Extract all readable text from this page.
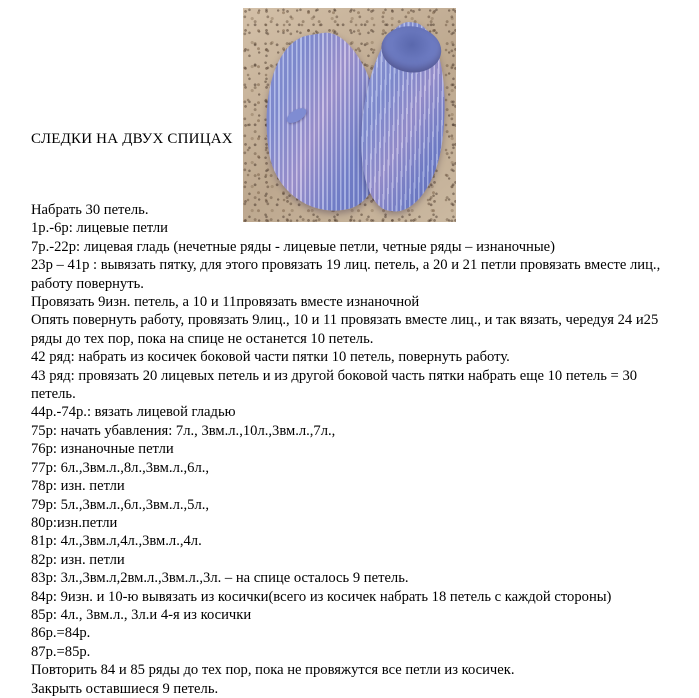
СЛЕДКИ НА ДВУХ СПИЦАХ

Набрать 30 петель.

1р.-6р: лицевые петли

7р.-22р: лицевая гладь (нечетные ряды - лицевые петли, четные ряды – изнаночные)

23р – 41р : вывязать пятку, для этого провязать 19 лиц. петель, а 20 и 21 петли провязать вместе лиц., работу повернуть.

Провязать 9изн. петель, а 10 и 11провязать вместе изнаночной

Опять повернуть работу, провязать 9лиц., 10 и 11 провязать вместе лиц., и так вязать, чередуя 24 и25 ряды до тех пор, пока на спице не останется 10 петель.

42 ряд: набрать из косичек боковой части пятки 10 петель, повернуть работу.

43 ряд: провязать 20 лицевых петель и из другой боковой часть пятки набрать еще 10 петель = 30 петель.

44р.-74р.: вязать лицевой гладью

75р: начать убавления: 7л., 3вм.л.,10л.,3вм.л.,7л.,

76р: изнаночные петли

77р: 6л.,3вм.л.,8л.,3вм.л.,6л.,

78р: изн. петли

79р: 5л.,3вм.л.,6л.,3вм.л.,5л.,

80р:изн.петли

81р: 4л.,3вм.л,4л.,3вм.л.,4л.

82р: изн. петли

83р: 3л.,3вм.л,2вм.л.,3вм.л.,3л. – на спице осталось 9 петель.

84р: 9изн. и 10-ю вывязать из косички(всего из косичек набрать 18 петель с каждой стороны)

85р: 4л., 3вм.л., 3л.и 4-я из косички

86р.=84р.

87р.=85р.

Повторить 84 и 85 ряды до тех пор, пока не провяжутся все петли из косичек.

Закрыть оставшиеся 9 петель.
